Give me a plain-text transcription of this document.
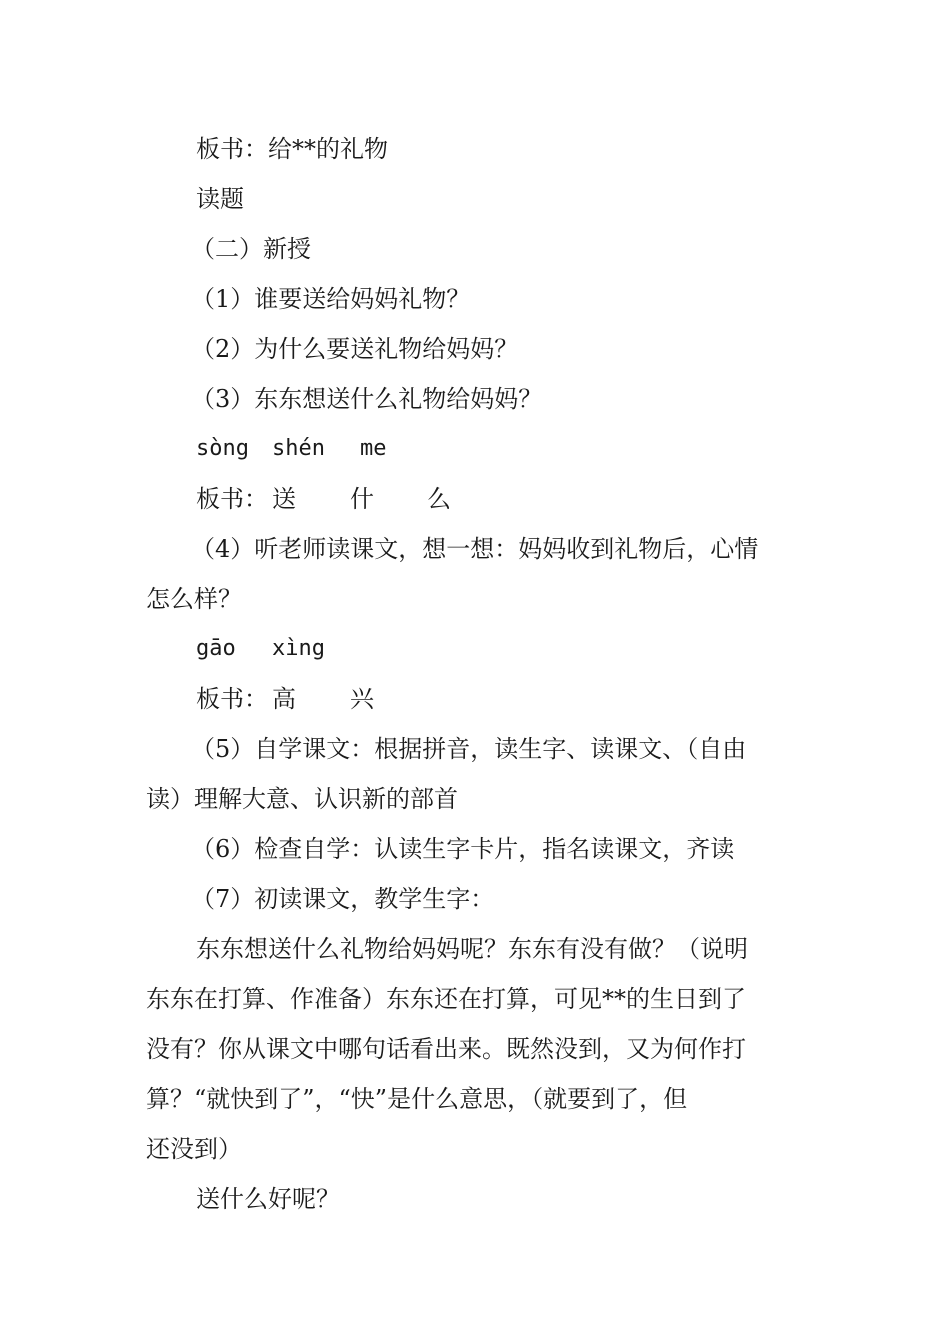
板书：给**的礼物
读题
（二）新授
（1）谁要送给妈妈礼物？
（2）为什么要送礼物给妈妈？
（3）东东想送什么礼物给妈妈？
sòng shén me
板书： 送 什 么
（4）听老师读课文，想一想：妈妈收到礼物后，心情
怎么样？
gāo xìng
板书： 高 兴
（5）自学课文：根据拼音，读生字、读课文、（自由
读）理解大意、认识新的部首
（6）检查自学：认读生字卡片，指名读课文，齐读
（7）初读课文，教学生字：
东东想送什么礼物给妈妈呢？东东有没有做？（说明
东东在打算、作准备）东东还在打算，可见**的生日到了
没有？你从课文中哪句话看出来。既然没到，又为何作打
算？“就快到了”，“快”是什么意思，（就要到了，但
还没到）
送什么好呢？
